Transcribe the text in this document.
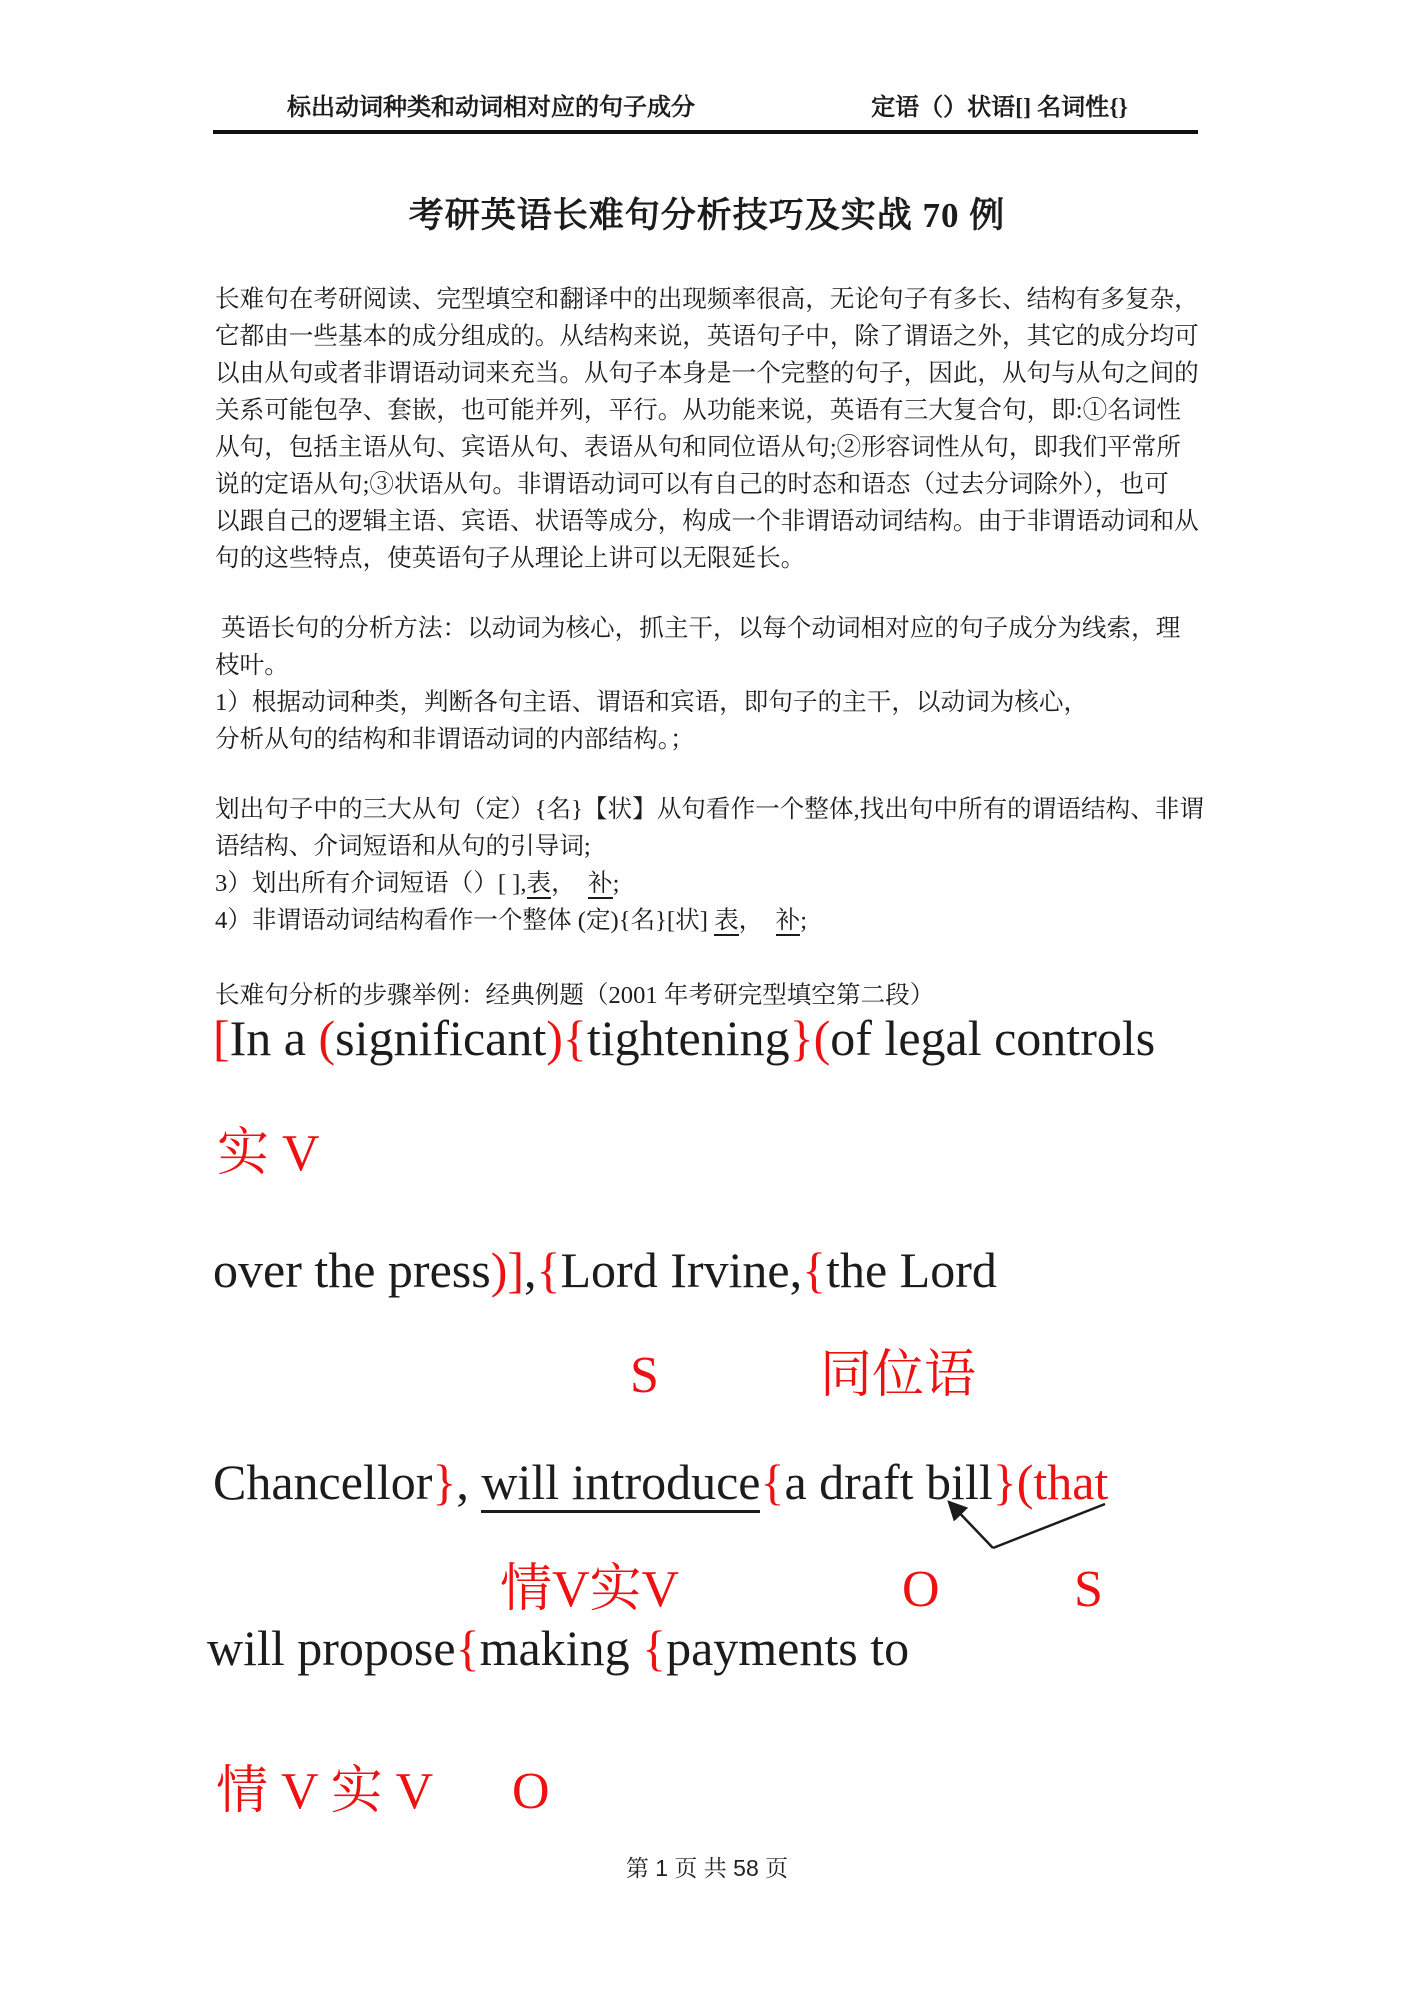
标出动词种类和动词相对应的句子成分	定语（）状语[] 名词性{}
考研英语长难句分析技巧及实战 70 例
长难句在考研阅读、完型填空和翻译中的出现频率很高，无论句子有多长、结构有多复杂，
它都由一些基本的成分组成的。从结构来说，英语句子中，除了谓语之外，其它的成分均可
以由从句或者非谓语动词来充当。从句子本身是一个完整的句子，因此，从句与从句之间的
关系可能包孕、套嵌，也可能并列，平行。从功能来说，英语有三大复合句，即:①名词性
从句，包括主语从句、宾语从句、表语从句和同位语从句;②形容词性从句，即我们平常所
说的定语从句;③状语从句。非谓语动词可以有自己的时态和语态（过去分词除外），也可
以跟自己的逻辑主语、宾语、状语等成分，构成一个非谓语动词结构。由于非谓语动词和从
句的这些特点，使英语句子从理论上讲可以无限延长。
英语长句的分析方法：以动词为核心，抓主干，以每个动词相对应的句子成分为线索，理
枝叶。
1）根据动词种类，判断各句主语、谓语和宾语，即句子的主干，以动词为核心，
分析从句的结构和非谓语动词的内部结构。；
划出句子中的三大从句（定）{名}【状】从句看作一个整体,找出句中所有的谓语结构、非谓
语结构、介词短语和从句的引导词;
3）划出所有介词短语（）[ ],表，  补;
4）非谓语动词结构看作一个整体 (定){名}[状] 表，  补;
长难句分析的步骤举例：经典例题（2001 年考研完型填空第二段）
[In a (significant){tightening}(of legal controls
实 V
over the press)],{Lord Irvine,{the Lord
S	同位语
Chancellor}, will introduce{a draft bill}(that
情V实V	O	S
will propose{making {payments to
情 V 实 V O
第 1 页 共 58 页
